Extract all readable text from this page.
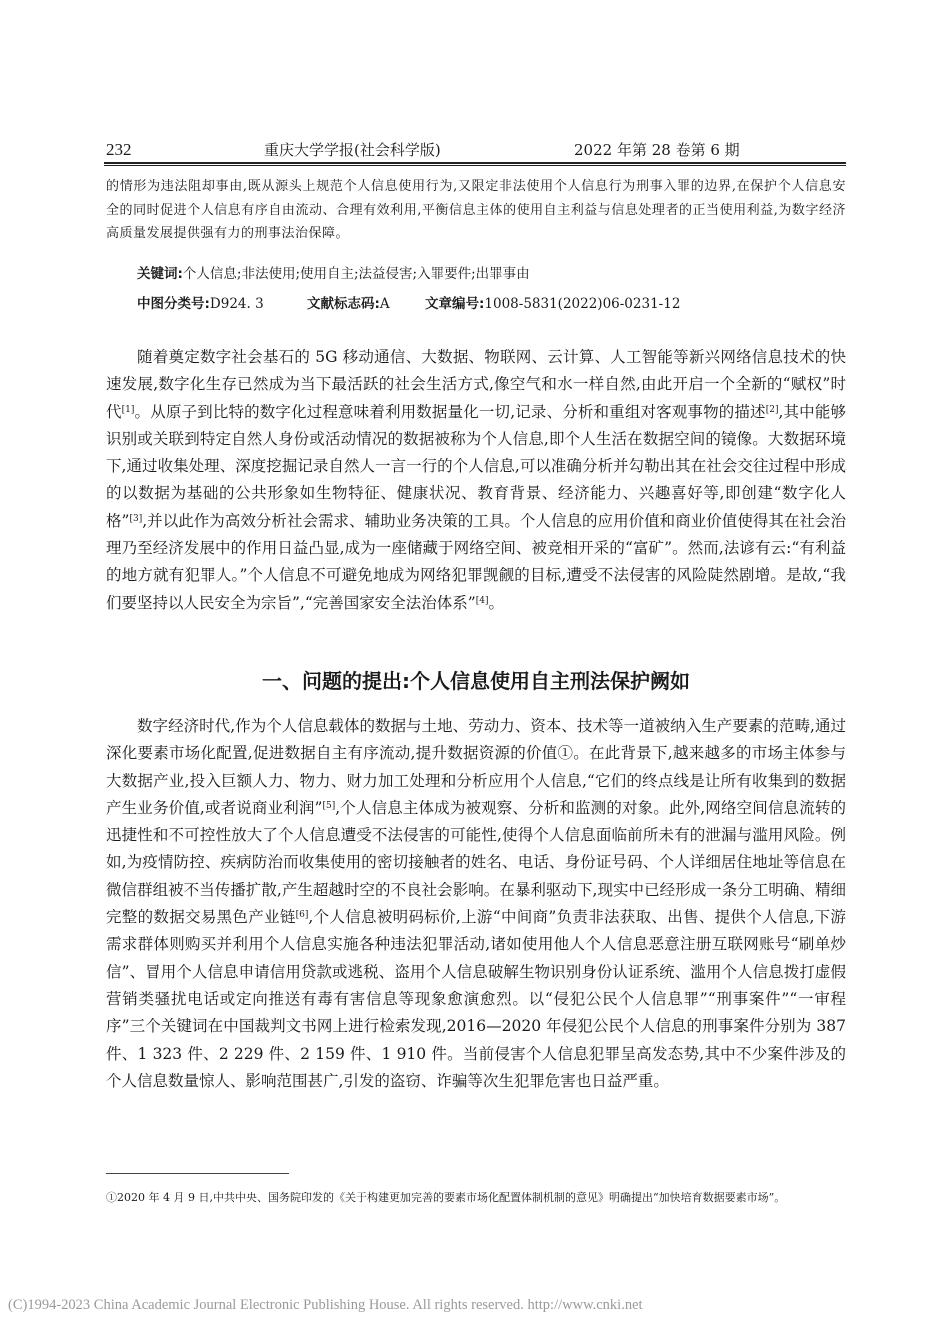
232	重庆大学学报(社会科学版)	2022 年第 28 卷第 6 期

的情形为违法阻却事由,既从源头上规范个人信息使用行为,又限定非法使用个人信息行为刑事入罪的边界,在保护个人信息安全的同时促进个人信息有序自由流动、合理有效利用,平衡信息主体的使用自主利益与信息处理者的正当使用利益,为数字经济高质量发展提供强有力的刑事法治保障。

关键词:个人信息;非法使用;使用自主;法益侵害;入罪要件;出罪事由
中图分类号:D924. 3	文献标志码:A	文章编号:1008-5831(2022)06-0231-12

随着奠定数字社会基石的 5G 移动通信、大数据、物联网、云计算、人工智能等新兴网络信息技术的快速发展,数字化生存已然成为当下最活跃的社会生活方式,像空气和水一样自然,由此开启一个全新的“赋权”时代[1]。从原子到比特的数字化过程意味着利用数据量化一切,记录、分析和重组对客观事物的描述[2],其中能够识别或关联到特定自然人身份或活动情况的数据被称为个人信息,即个人生活在数据空间的镜像。大数据环境下,通过收集处理、深度挖掘记录自然人一言一行的个人信息,可以准确分析并勾勒出其在社会交往过程中形成的以数据为基础的公共形象如生物特征、健康状况、教育背景、经济能力、兴趣喜好等,即创建“数字化人格”[3],并以此作为高效分析社会需求、辅助业务决策的工具。个人信息的应用价值和商业价值使得其在社会治理乃至经济发展中的作用日益凸显,成为一座储藏于网络空间、被竞相开采的“富矿”。然而,法谚有云:“有利益的地方就有犯罪人。”个人信息不可避免地成为网络犯罪觊觎的目标,遭受不法侵害的风险陡然剧增。是故,“我们要坚持以人民安全为宗旨”,“完善国家安全法治体系”[4]。

一、问题的提出:个人信息使用自主刑法保护阙如

数字经济时代,作为个人信息载体的数据与土地、劳动力、资本、技术等一道被纳入生产要素的范畴,通过深化要素市场化配置,促进数据自主有序流动,提升数据资源的价值①。在此背景下,越来越多的市场主体参与大数据产业,投入巨额人力、物力、财力加工处理和分析应用个人信息,“它们的终点线是让所有收集到的数据产生业务价值,或者说商业利润”[5],个人信息主体成为被观察、分析和监测的对象。此外,网络空间信息流转的迅捷性和不可控性放大了个人信息遭受不法侵害的可能性,使得个人信息面临前所未有的泄漏与滥用风险。例如,为疫情防控、疾病防治而收集使用的密切接触者的姓名、电话、身份证号码、个人详细居住地址等信息在微信群组被不当传播扩散,产生超越时空的不良社会影响。在暴利驱动下,现实中已经形成一条分工明确、精细完整的数据交易黑色产业链[6],个人信息被明码标价,上游“中间商”负责非法获取、出售、提供个人信息,下游需求群体则购买并利用个人信息实施各种违法犯罪活动,诸如使用他人个人信息恶意注册互联网账号“刷单炒信”、冒用个人信息申请信用贷款或逃税、盗用个人信息破解生物识别身份认证系统、滥用个人信息拨打虚假营销类骚扰电话或定向推送有毒有害信息等现象愈演愈烈。以“侵犯公民个人信息罪”“刑事案件”“一审程序”三个关键词在中国裁判文书网上进行检索发现,2016—2020 年侵犯公民个人信息的刑事案件分别为 387 件、1 323 件、2 229 件、2 159 件、1 910 件。当前侵害个人信息犯罪呈高发态势,其中不少案件涉及的个人信息数量惊人、影响范围甚广,引发的盗窃、诈骗等次生犯罪危害也日益严重。

①2020 年 4 月 9 日,中共中央、国务院印发的《关于构建更加完善的要素市场化配置体制机制的意见》明确提出“加快培育数据要素市场”。
(C)1994-2023 China Academic Journal Electronic Publishing House. All rights reserved. http://www.cnki.net
